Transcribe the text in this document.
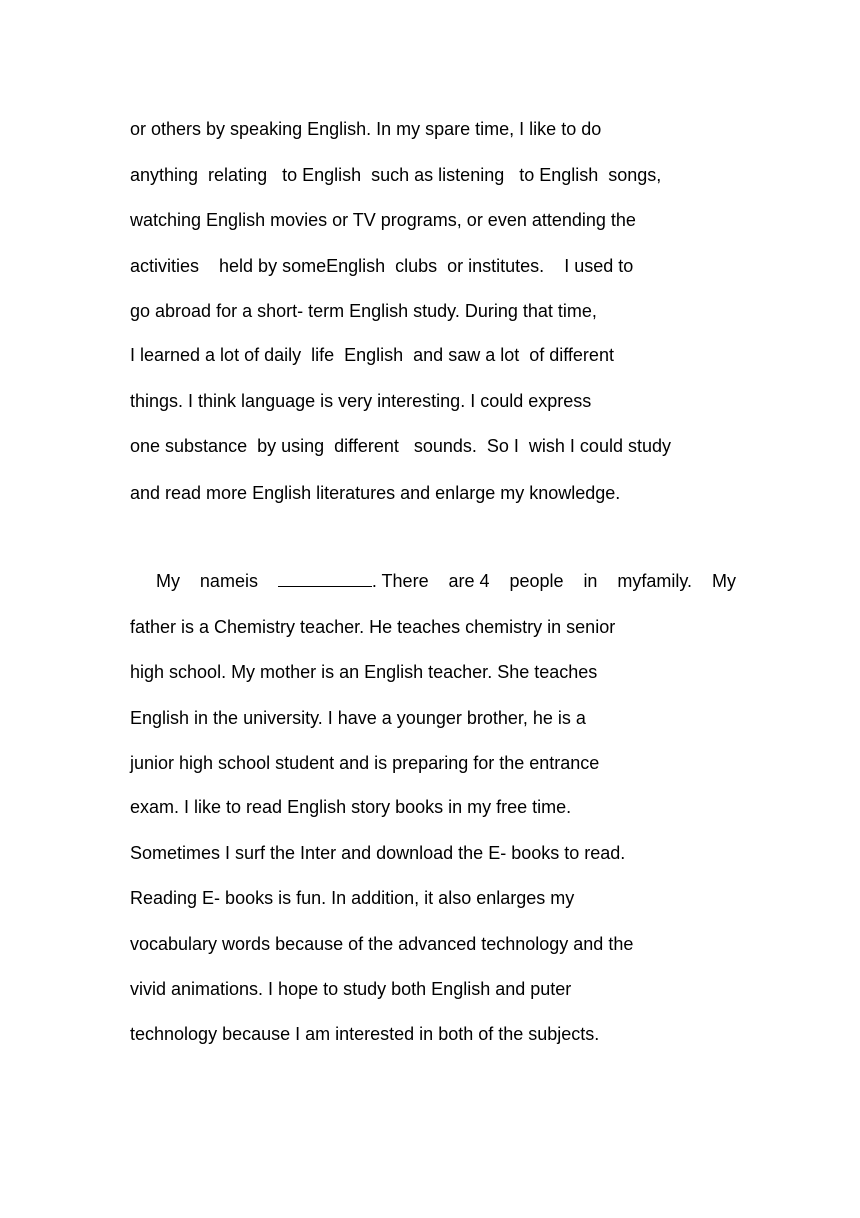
or others by speaking English. In my spare time, I like to do
anything  relating   to English  such as listening   to English  songs,
watching English movies or TV programs, or even attending the
activities    held by someEnglish  clubs  or institutes.    I used to
go abroad for a short- term English study. During that time,
I learned a lot of daily  life  English  and saw a lot  of different
things. I think language is very interesting. I could express
one substance  by using  different   sounds.  So I  wish I could study
and read more English literatures and enlarge my knowledge.
My nameis	. There are 4 people in myfamily. My
father is a Chemistry teacher. He teaches chemistry in senior
high school. My mother is an English teacher. She teaches
English in the university. I have a younger brother, he is a
junior high school student and is preparing for the entrance
exam. I like to read English story books in my free time.
Sometimes I surf the Inter and download the E- books to read.
Reading E- books is fun. In addition, it also enlarges my
vocabulary words because of the advanced technology and the
vivid animations. I hope to study both English and puter
technology because I am interested in both of the subjects.
